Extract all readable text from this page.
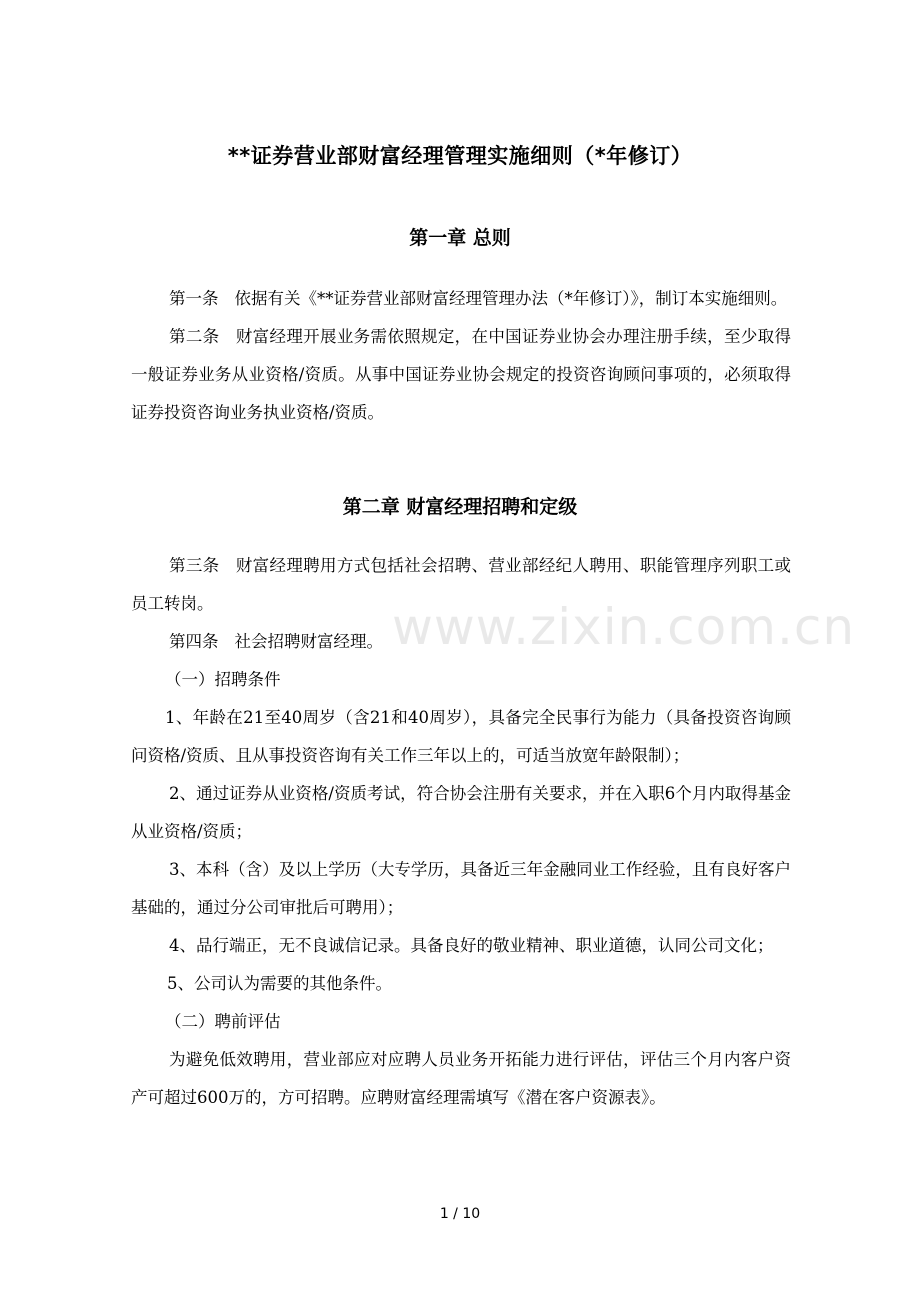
**证券营业部财富经理管理实施细则（*年修订）
第一章 总则

第一条 依据有关《**证券营业部财富经理管理办法（*年修订）》，制订本实施细则。

第二条 财富经理开展业务需依照规定，在中国证券业协会办理注册手续，至少取得一般证券业务从业资格/资质。从事中国证券业协会规定的投资咨询顾问事项的，必须取得证券投资咨询业务执业资格/资质。

第二章 财富经理招聘和定级

第三条 财富经理聘用方式包括社会招聘、营业部经纪人聘用、职能管理序列职工或员工转岗。

第四条 社会招聘财富经理。

（一）招聘条件

1、年龄在21至40周岁（含21和40周岁），具备完全民事行为能力（具备投资咨询顾问资格/资质、且从事投资咨询有关工作三年以上的，可适当放宽年龄限制）；

2、通过证券从业资格/资质考试，符合协会注册有关要求，并在入职6个月内取得基金从业资格/资质；

3、本科（含）及以上学历（大专学历，具备近三年金融同业工作经验，且有良好客户基础的，通过分公司审批后可聘用）；

4、品行端正，无不良诚信记录。具备良好的敬业精神、职业道德，认同公司文化；

5、公司认为需要的其他条件。

（二）聘前评估

为避免低效聘用，营业部应对应聘人员业务开拓能力进行评估，评估三个月内客户资产可超过600万的，方可招聘。应聘财富经理需填写《潜在客户资源表》。

www.zixin.com.cn
1 / 10
